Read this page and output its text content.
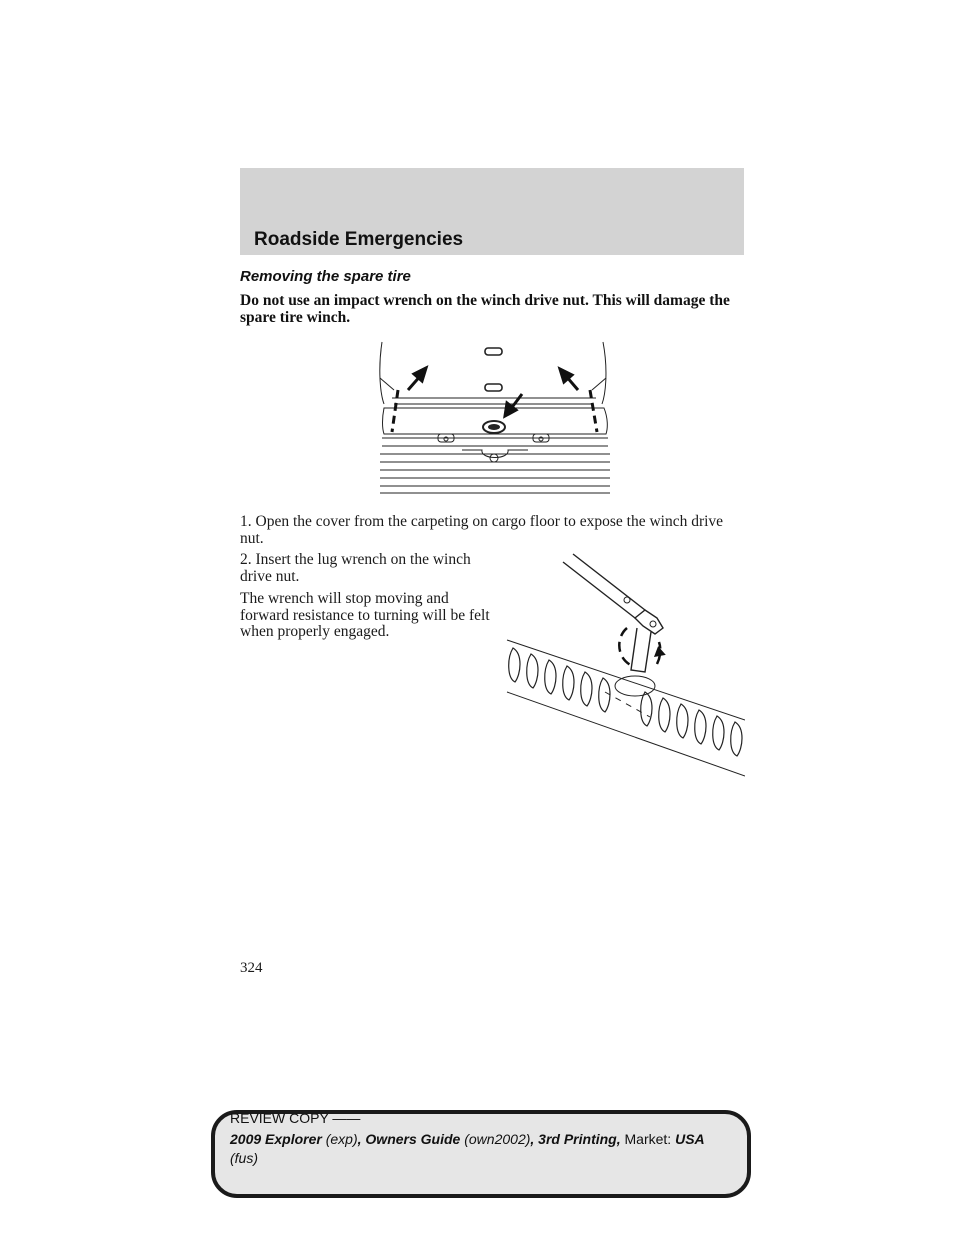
Roadside Emergencies
Removing the spare tire
Do not use an impact wrench on the winch drive nut. This will damage the spare tire winch.
1. Open the cover from the carpeting on cargo floor to expose the winch drive nut.
2. Insert the lug wrench on the winch drive nut.
The wrench will stop moving and forward resistance to turning will be felt when properly engaged.
324
REVIEW COPY ——
2009 Explorer (exp), Owners Guide (own2002), 3rd Printing, Market: USA
(fus)
